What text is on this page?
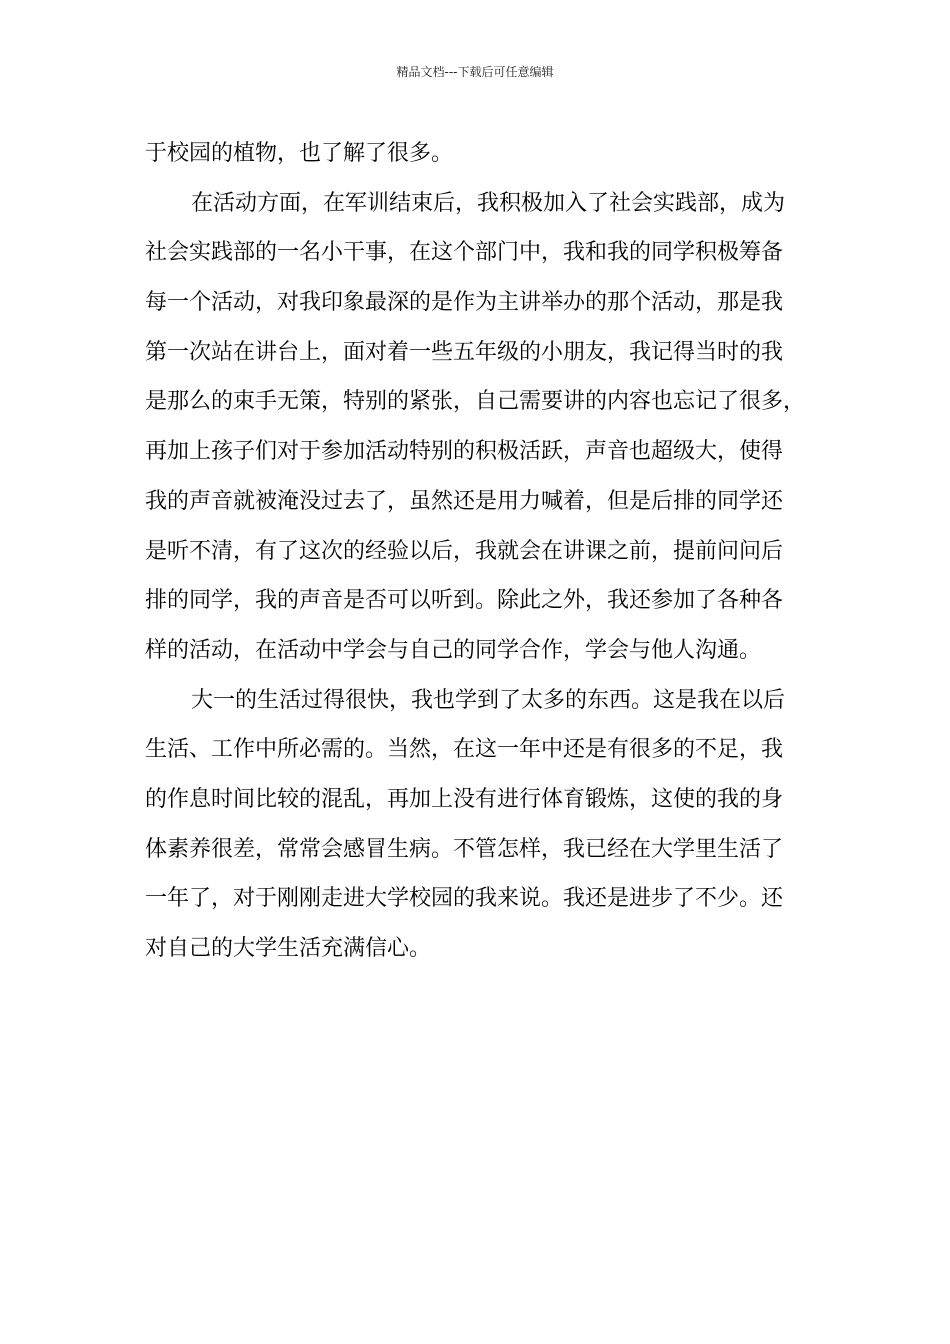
精品文档---下载后可任意编辑
于校园的植物，也了解了很多。
在活动方面，在军训结束后，我积极加入了社会实践部，成为
社会实践部的一名小干事，在这个部门中，我和我的同学积极筹备
每一个活动，对我印象最深的是作为主讲举办的那个活动，那是我
第一次站在讲台上，面对着一些五年级的小朋友，我记得当时的我
是那么的束手无策，特别的紧张，自己需要讲的内容也忘记了很多，
再加上孩子们对于参加活动特别的积极活跃，声音也超级大，使得
我的声音就被淹没过去了，虽然还是用力喊着，但是后排的同学还
是听不清，有了这次的经验以后，我就会在讲课之前，提前问问后
排的同学，我的声音是否可以听到。除此之外，我还参加了各种各
样的活动，在活动中学会与自己的同学合作，学会与他人沟通。
大一的生活过得很快，我也学到了太多的东西。这是我在以后
生活、工作中所必需的。当然，在这一年中还是有很多的不足，我
的作息时间比较的混乱，再加上没有进行体育锻炼，这使的我的身
体素养很差，常常会感冒生病。不管怎样，我已经在大学里生活了
一年了，对于刚刚走进大学校园的我来说。我还是进步了不少。还
对自己的大学生活充满信心。
